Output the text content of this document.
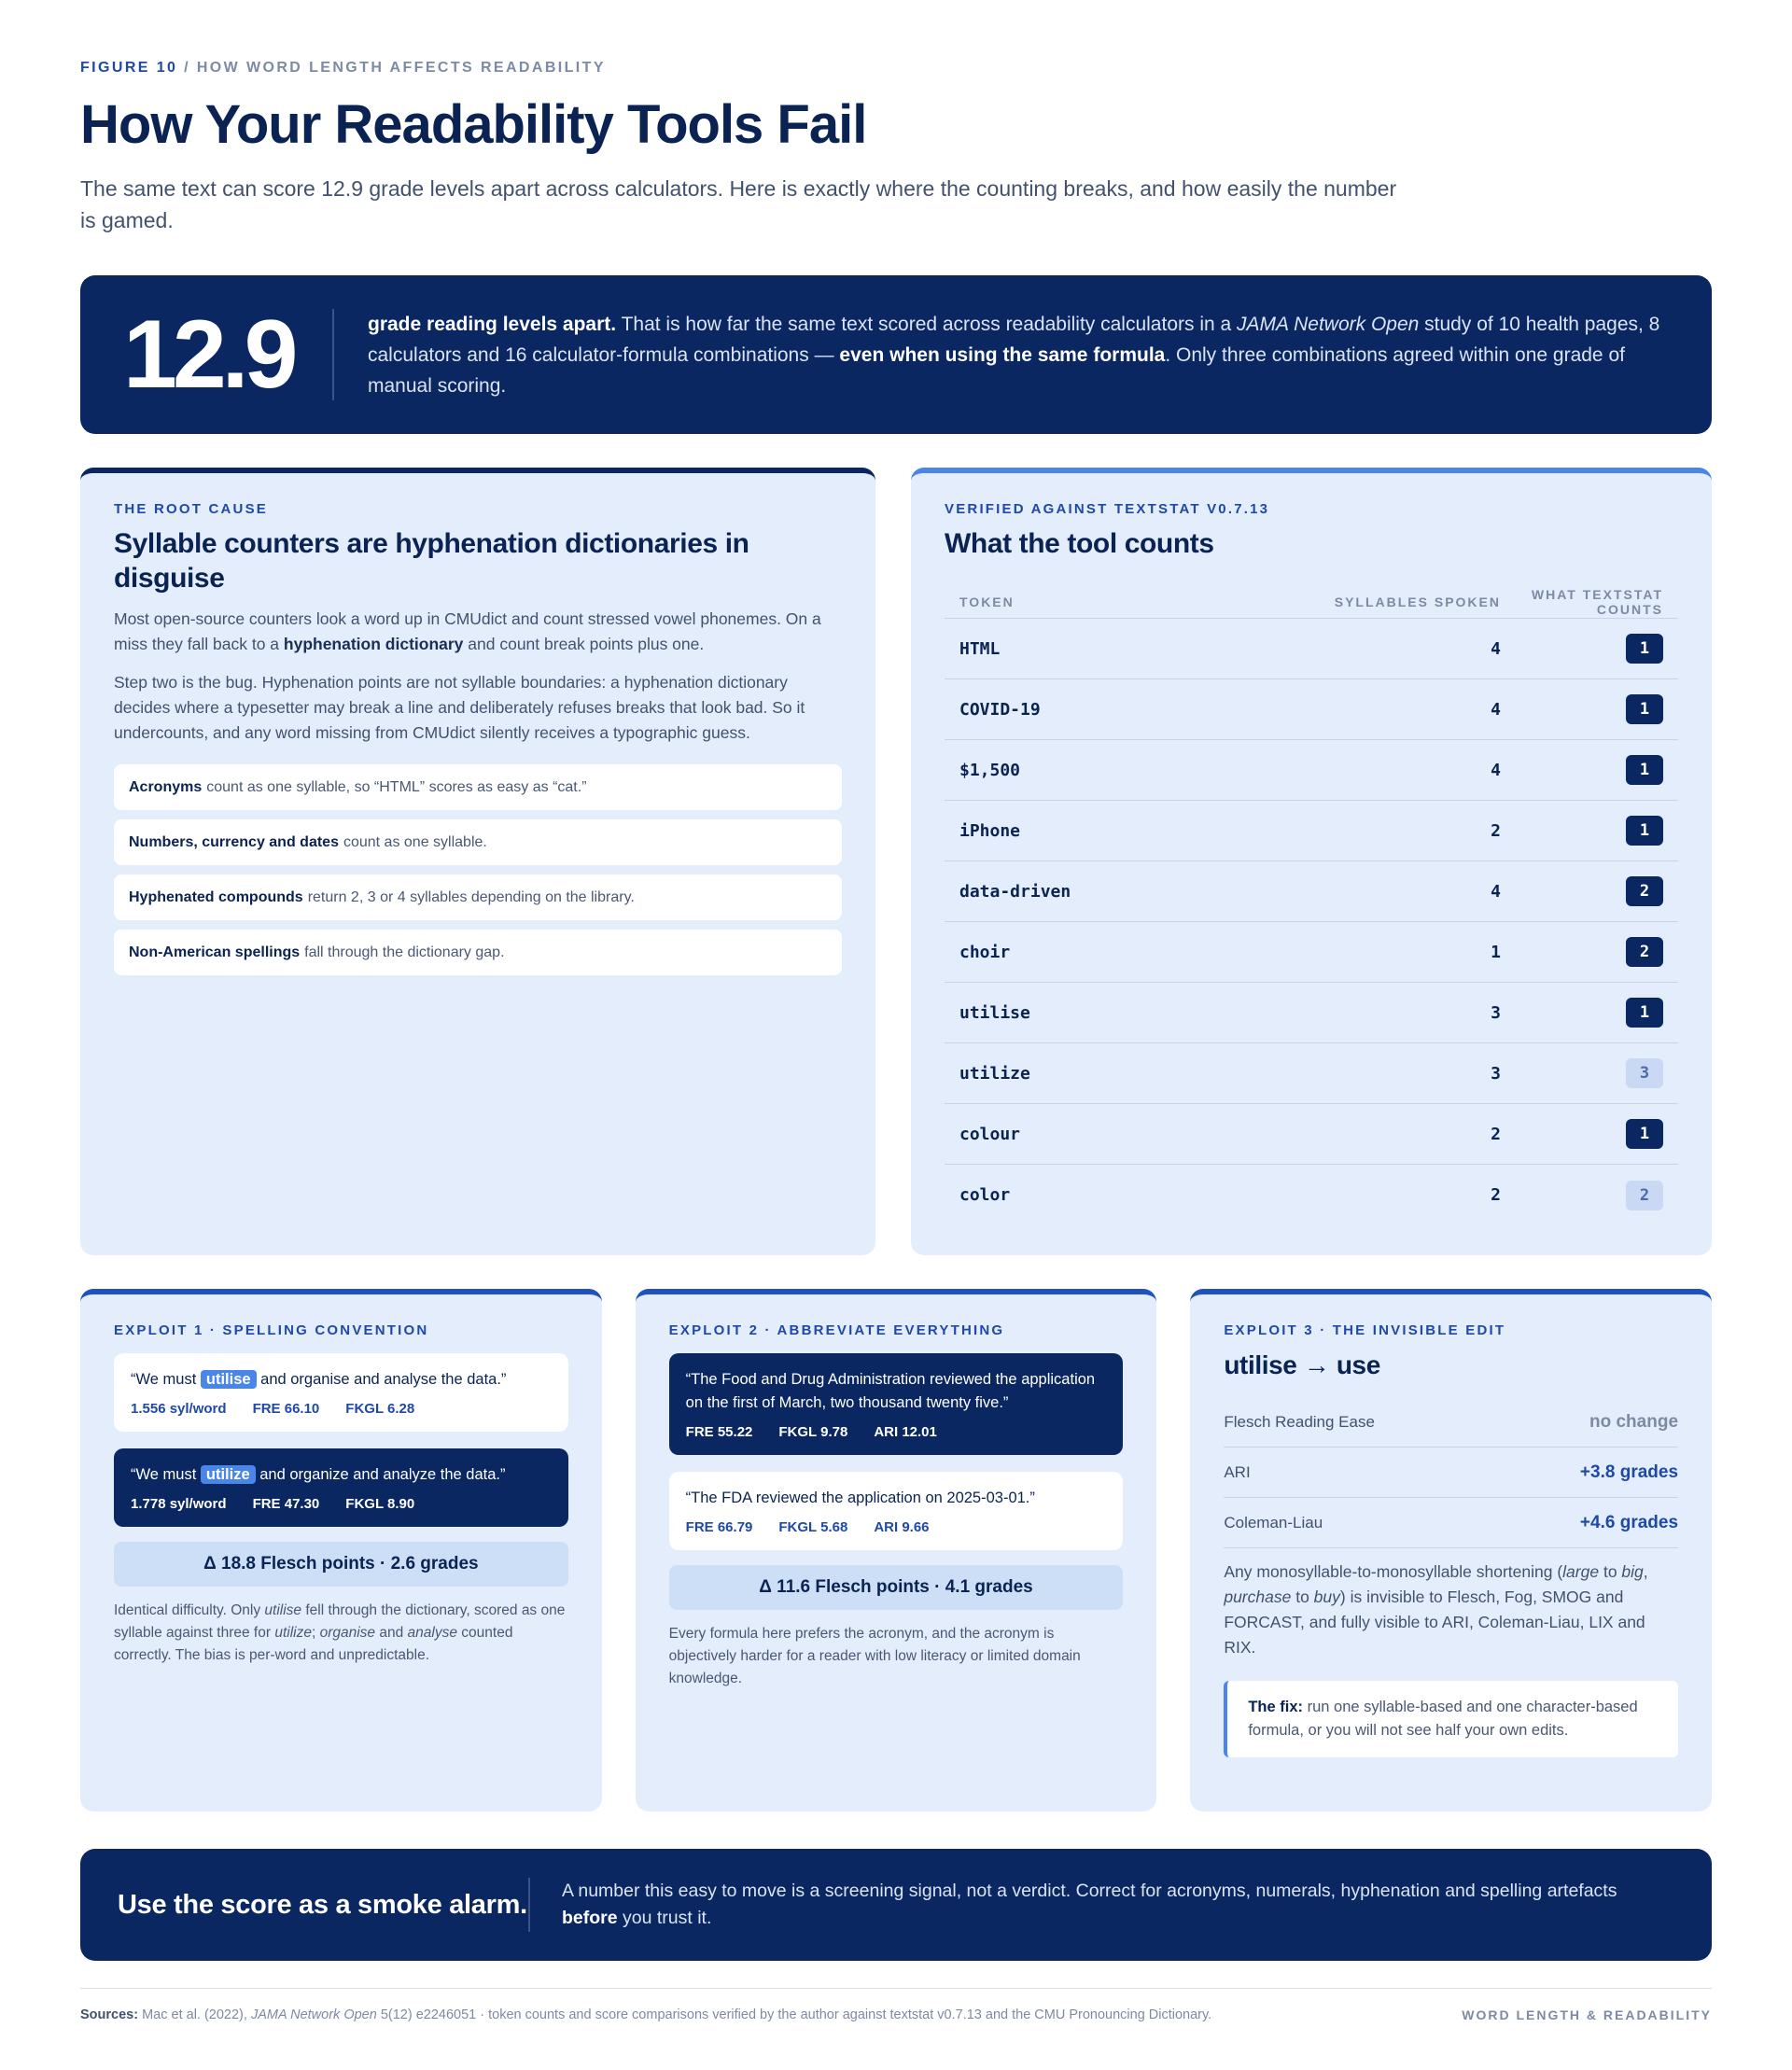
FIGURE 10 / HOW WORD LENGTH AFFECTS READABILITY
How Your Readability Tools Fail

The same text can score 12.9 grade levels apart across calculators. Here is exactly where the counting breaks, and how easily the number is gamed.

12.9	grade reading levels apart. That is how far the same text scored across readability calculators in a JAMA Network Open study of 10 health pages, 8 calculators and 16 calculator-formula combinations — even when using the same formula. Only three combinations agreed within one grade of manual scoring.

THE ROOT CAUSE
Syllable counters are hyphenation dictionaries in disguise

Most open-source counters look a word up in CMUdict and count stressed vowel phonemes. On a miss they fall back to a hyphenation dictionary and count break points plus one.

Step two is the bug. Hyphenation points are not syllable boundaries: a hyphenation dictionary decides where a typesetter may break a line and deliberately refuses breaks that look bad. So it undercounts, and any word missing from CMUdict silently receives a typographic guess.

Acronyms count as one syllable, so “HTML” scores as easy as “cat.”
Numbers, currency and dates count as one syllable.
Hyphenated compounds return 2, 3 or 4 syllables depending on the library.
Non-American spellings fall through the dictionary gap.
VERIFIED AGAINST TEXTSTAT V0.7.13
What the tool counts
TOKEN	SYLLABLES SPOKEN	WHAT TEXTSTAT COUNTS
HTML	4	1
COVID-19	4	1
$1,500	4	1
iPhone	2	1
data-driven	4	2
choir	1	2
utilise	3	1
utilize	3	3
colour	2	1
color	2	2
EXPLOIT 1 · SPELLING CONVENTION
“We must utilise and organise and analyse the data.”
1.556 syl/word FRE 66.10 FKGL 6.28
“We must utilize and organize and analyze the data.”
1.778 syl/word FRE 47.30 FKGL 8.90
Δ 18.8 Flesch points · 2.6 grades

Identical difficulty. Only utilise fell through the dictionary, scored as one syllable against three for utilize; organise and analyse counted correctly. The bias is per-word and unpredictable.

EXPLOIT 2 · ABBREVIATE EVERYTHING
“The Food and Drug Administration reviewed the application on the first of March, two thousand twenty five.”
FRE 55.22 FKGL 9.78 ARI 12.01
“The FDA reviewed the application on 2025-03-01.”
FRE 66.79 FKGL 5.68 ARI 9.66
Δ 11.6 Flesch points · 4.1 grades

Every formula here prefers the acronym, and the acronym is objectively harder for a reader with low literacy or limited domain knowledge.

EXPLOIT 3 · THE INVISIBLE EDIT
utilise → use
Flesch Reading Ease	no change
ARI	+3.8 grades
Coleman-Liau	+4.6 grades

Any monosyllable-to-monosyllable shortening (large to big, purchase to buy) is invisible to Flesch, Fog, SMOG and FORCAST, and fully visible to ARI, Coleman-Liau, LIX and RIX.

The fix: run one syllable-based and one character-based formula, or you will not see half your own edits.
Use the score as a smoke alarm. A number this easy to move is a screening signal, not a verdict. Correct for acronyms, numerals, hyphenation and spelling artefacts before you trust it.

Sources: Mac et al. (2022), JAMA Network Open 5(12) e2246051 · token counts and score comparisons verified by the author against textstat v0.7.13 and the CMU Pronouncing Dictionary.	WORD LENGTH & READABILITY
